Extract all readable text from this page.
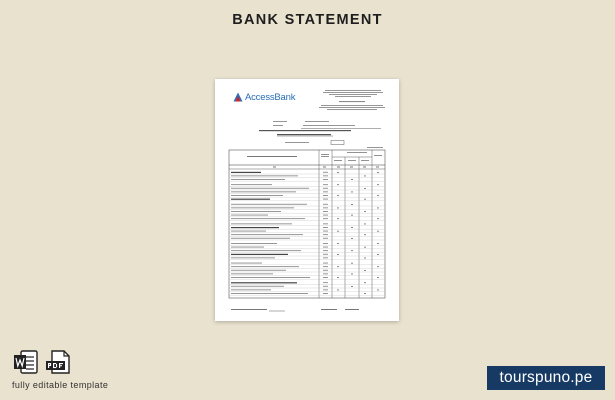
BANK STATEMENT
AccessBank
fully editable template	tourspuno.pe
